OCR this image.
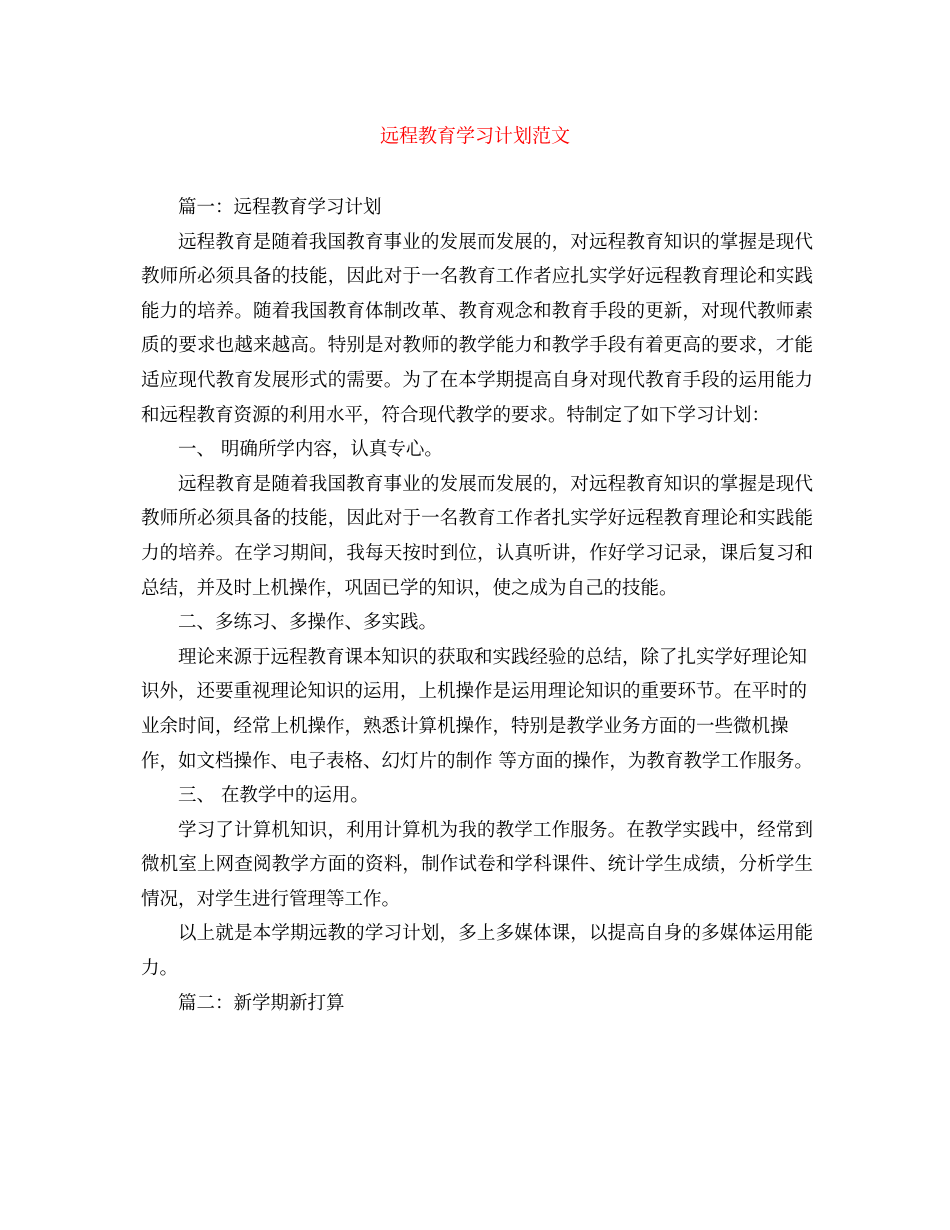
远程教育学习计划范文

篇一：远程教育学习计划

远程教育是随着我国教育事业的发展而发展的，对远程教育知识的掌握是现代教师所必须具备的技能，因此对于一名教育工作者应扎实学好远程教育理论和实践能力的培养。随着我国教育体制改革、教育观念和教育手段的更新，对现代教师素质的要求也越来越高。特别是对教师的教学能力和教学手段有着更高的要求，才能适应现代教育发展形式的需要。为了在本学期提高自身对现代教育手段的运用能力和远程教育资源的利用水平，符合现代教学的要求。特制定了如下学习计划：

一、 明确所学内容，认真专心。

远程教育是随着我国教育事业的发展而发展的，对远程教育知识的掌握是现代教师所必须具备的技能，因此对于一名教育工作者扎实学好远程教育理论和实践能力的培养。在学习期间，我每天按时到位，认真听讲，作好学习记录，课后复习和总结，并及时上机操作，巩固已学的知识，使之成为自己的技能。

二、多练习、多操作、多实践。

理论来源于远程教育课本知识的获取和实践经验的总结，除了扎实学好理论知识外，还要重视理论知识的运用，上机操作是运用理论知识的重要环节。在平时的业余时间，经常上机操作，熟悉计算机操作，特别是教学业务方面的一些微机操作，如文档操作、电子表格、幻灯片的制作 等方面的操作，为教育教学工作服务。

三、 在教学中的运用。

学习了计算机知识，利用计算机为我的教学工作服务。在教学实践中，经常到微机室上网查阅教学方面的资料，制作试卷和学科课件、统计学生成绩，分析学生情况，对学生进行管理等工作。

以上就是本学期远教的学习计划，多上多媒体课，以提高自身的多媒体运用能力。

篇二：新学期新打算
